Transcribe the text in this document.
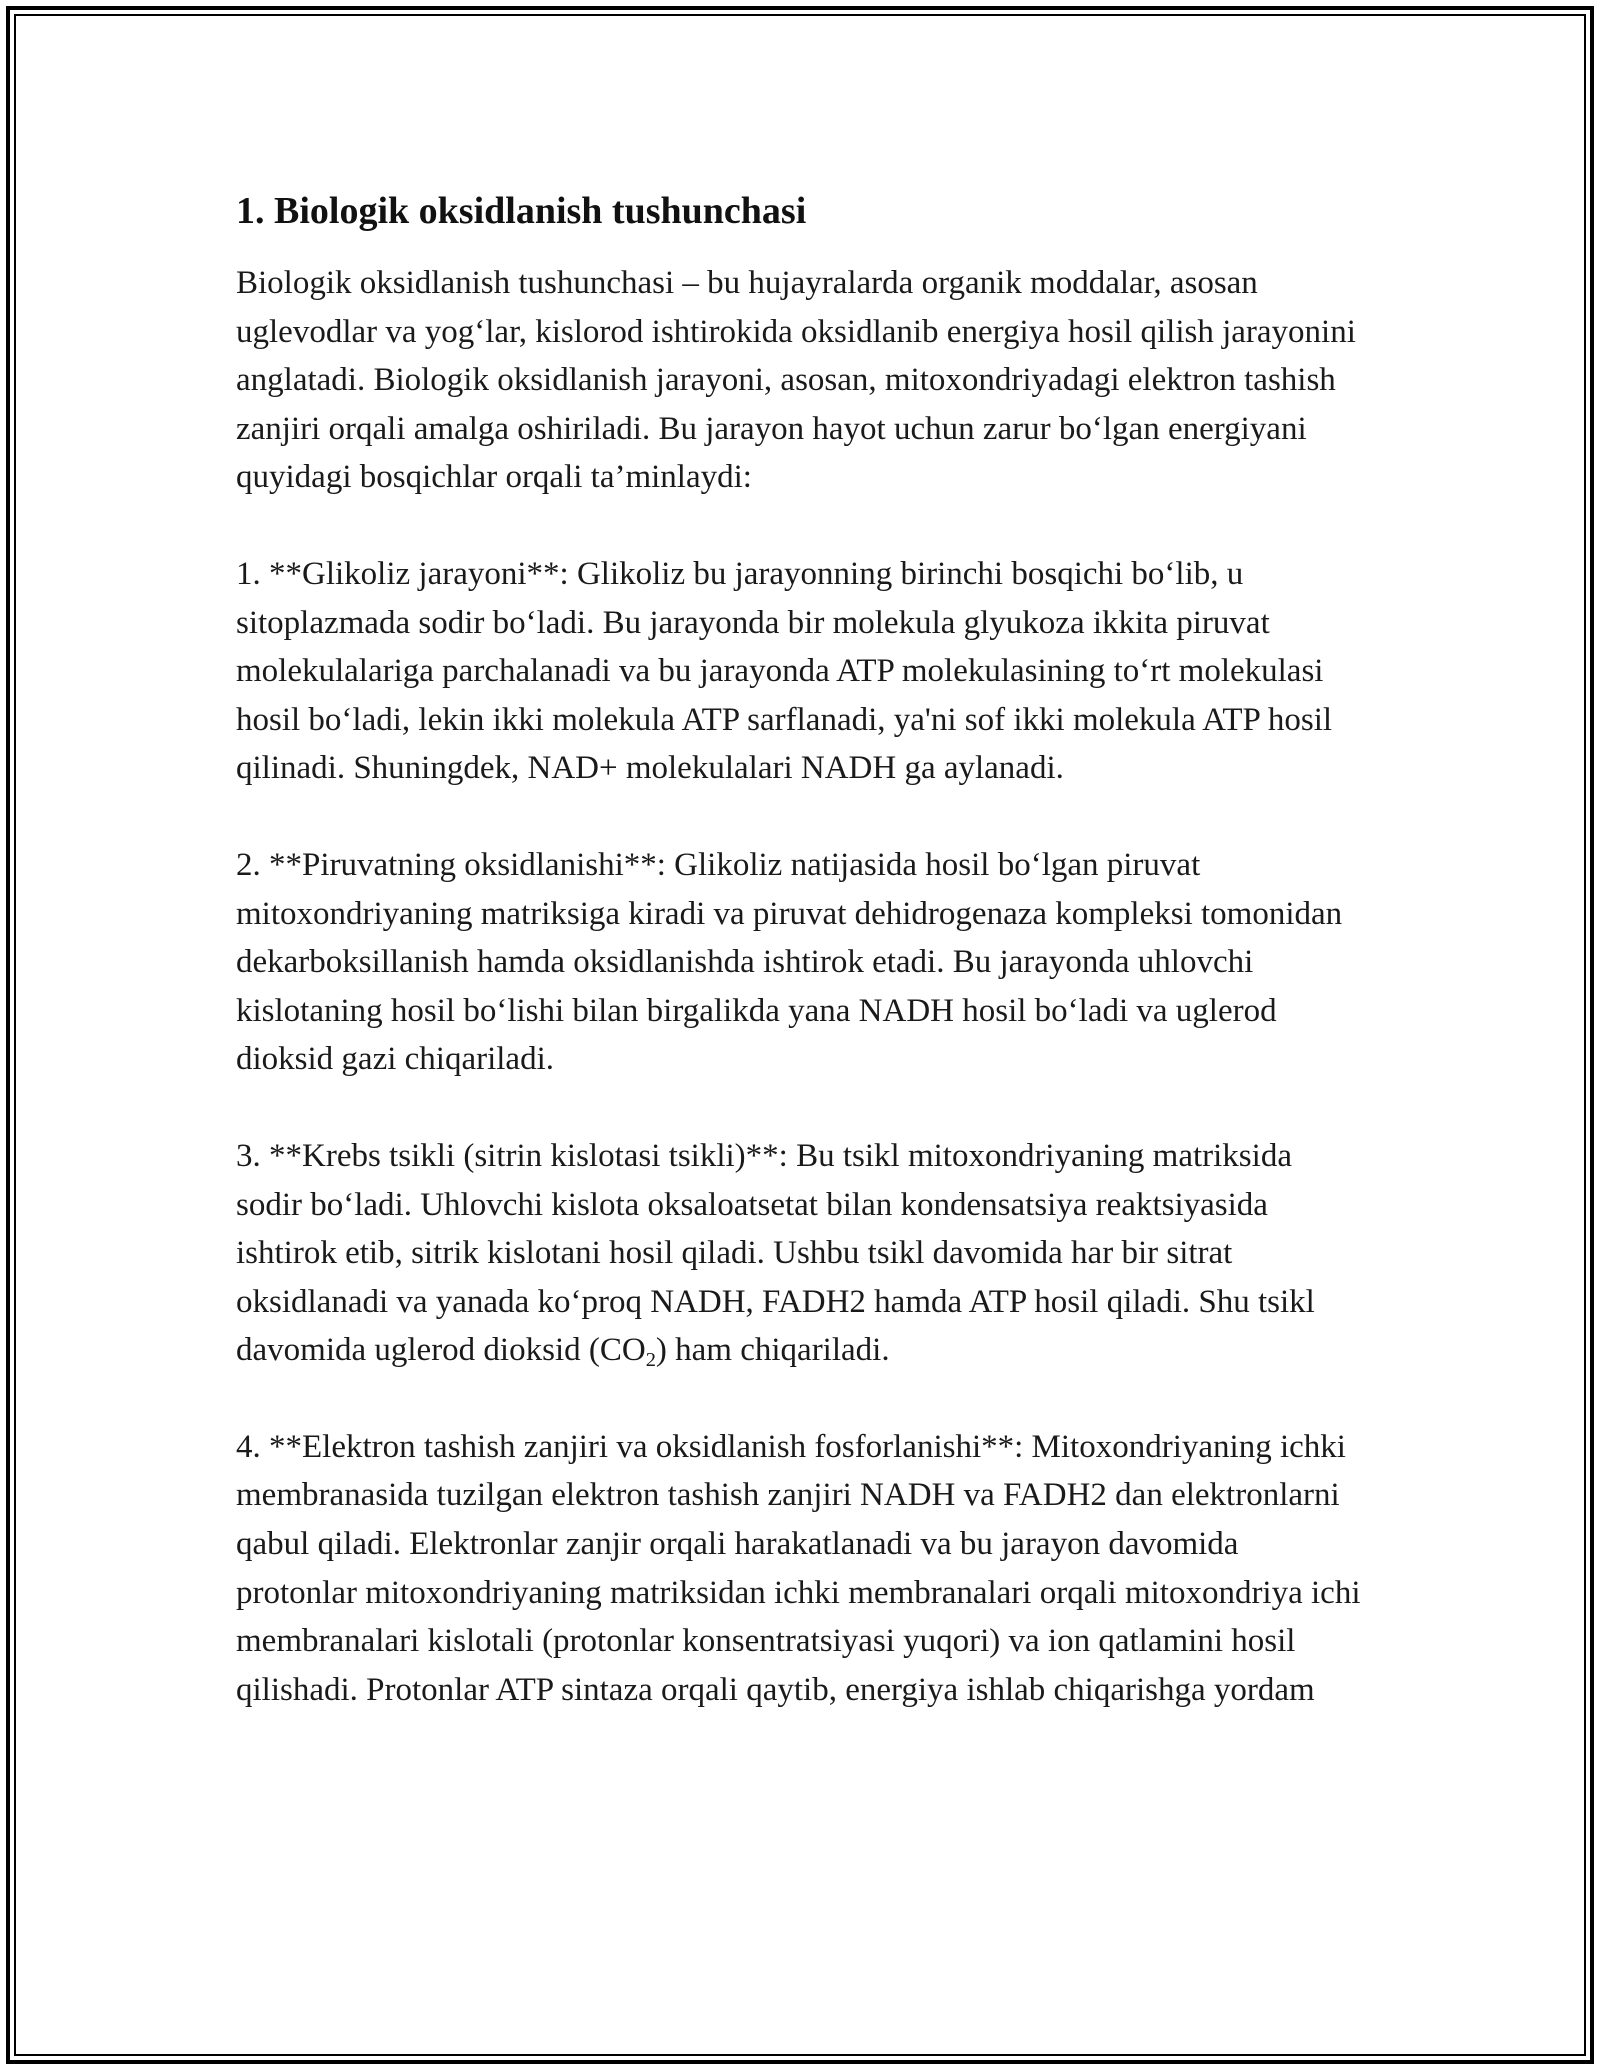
1. Biologik oksidlanish tushunchasi

Biologik oksidlanish tushunchasi – bu hujayralarda organik moddalar, asosan uglevodlar va yog‘lar, kislorod ishtirokida oksidlanib energiya hosil qilish jarayonini anglatadi. Biologik oksidlanish jarayoni, asosan, mitoxondriyadagi elektron tashish zanjiri orqali amalga oshiriladi. Bu jarayon hayot uchun zarur bo‘lgan energiyani quyidagi bosqichlar orqali ta’minlaydi:

1. **Glikoliz jarayoni**: Glikoliz bu jarayonning birinchi bosqichi bo‘lib, u sitoplazmada sodir bo‘ladi. Bu jarayonda bir molekula glyukoza ikkita piruvat molekulalariga parchalanadi va bu jarayonda ATP molekulasining to‘rt molekulasi hosil bo‘ladi, lekin ikki molekula ATP sarflanadi, ya'ni sof ikki molekula ATP hosil qilinadi. Shuningdek, NAD+ molekulalari NADH ga aylanadi.

2. **Piruvatning oksidlanishi**: Glikoliz natijasida hosil bo‘lgan piruvat mitoxondriyaning matriksiga kiradi va piruvat dehidrogenaza kompleksi tomonidan dekarboksillanish hamda oksidlanishda ishtirok etadi. Bu jarayonda uhlovchi kislotaning hosil bo‘lishi bilan birgalikda yana NADH hosil bo‘ladi va uglerod dioksid gazi chiqariladi.

3. **Krebs tsikli (sitrin kislotasi tsikli)**: Bu tsikl mitoxondriyaning matriksida sodir bo‘ladi. Uhlovchi kislota oksaloatsetat bilan kondensatsiya reaktsiyasida ishtirok etib, sitrik kislotani hosil qiladi. Ushbu tsikl davomida har bir sitrat oksidlanadi va yanada ko‘proq NADH, FADH2 hamda ATP hosil qiladi. Shu tsikl davomida uglerod dioksid $(CO_2)$ ham chiqariladi.

4. **Elektron tashish zanjiri va oksidlanish fosforlanishi**: Mitoxondriyaning ichki membranasida tuzilgan elektron tashish zanjiri NADH va FADH2 dan elektronlarni qabul qiladi. Elektronlar zanjir orqali harakatlanadi va bu jarayon davomida protonlar mitoxondriyaning matriksidan ichki membranalari orqali mitoxondriya ichi membranalari kislotali (protonlar konsentratsiyasi yuqori) va ion qatlamini hosil qilishadi. Protonlar ATP sintaza orqali qaytib, energiya ishlab chiqarishga yordam
